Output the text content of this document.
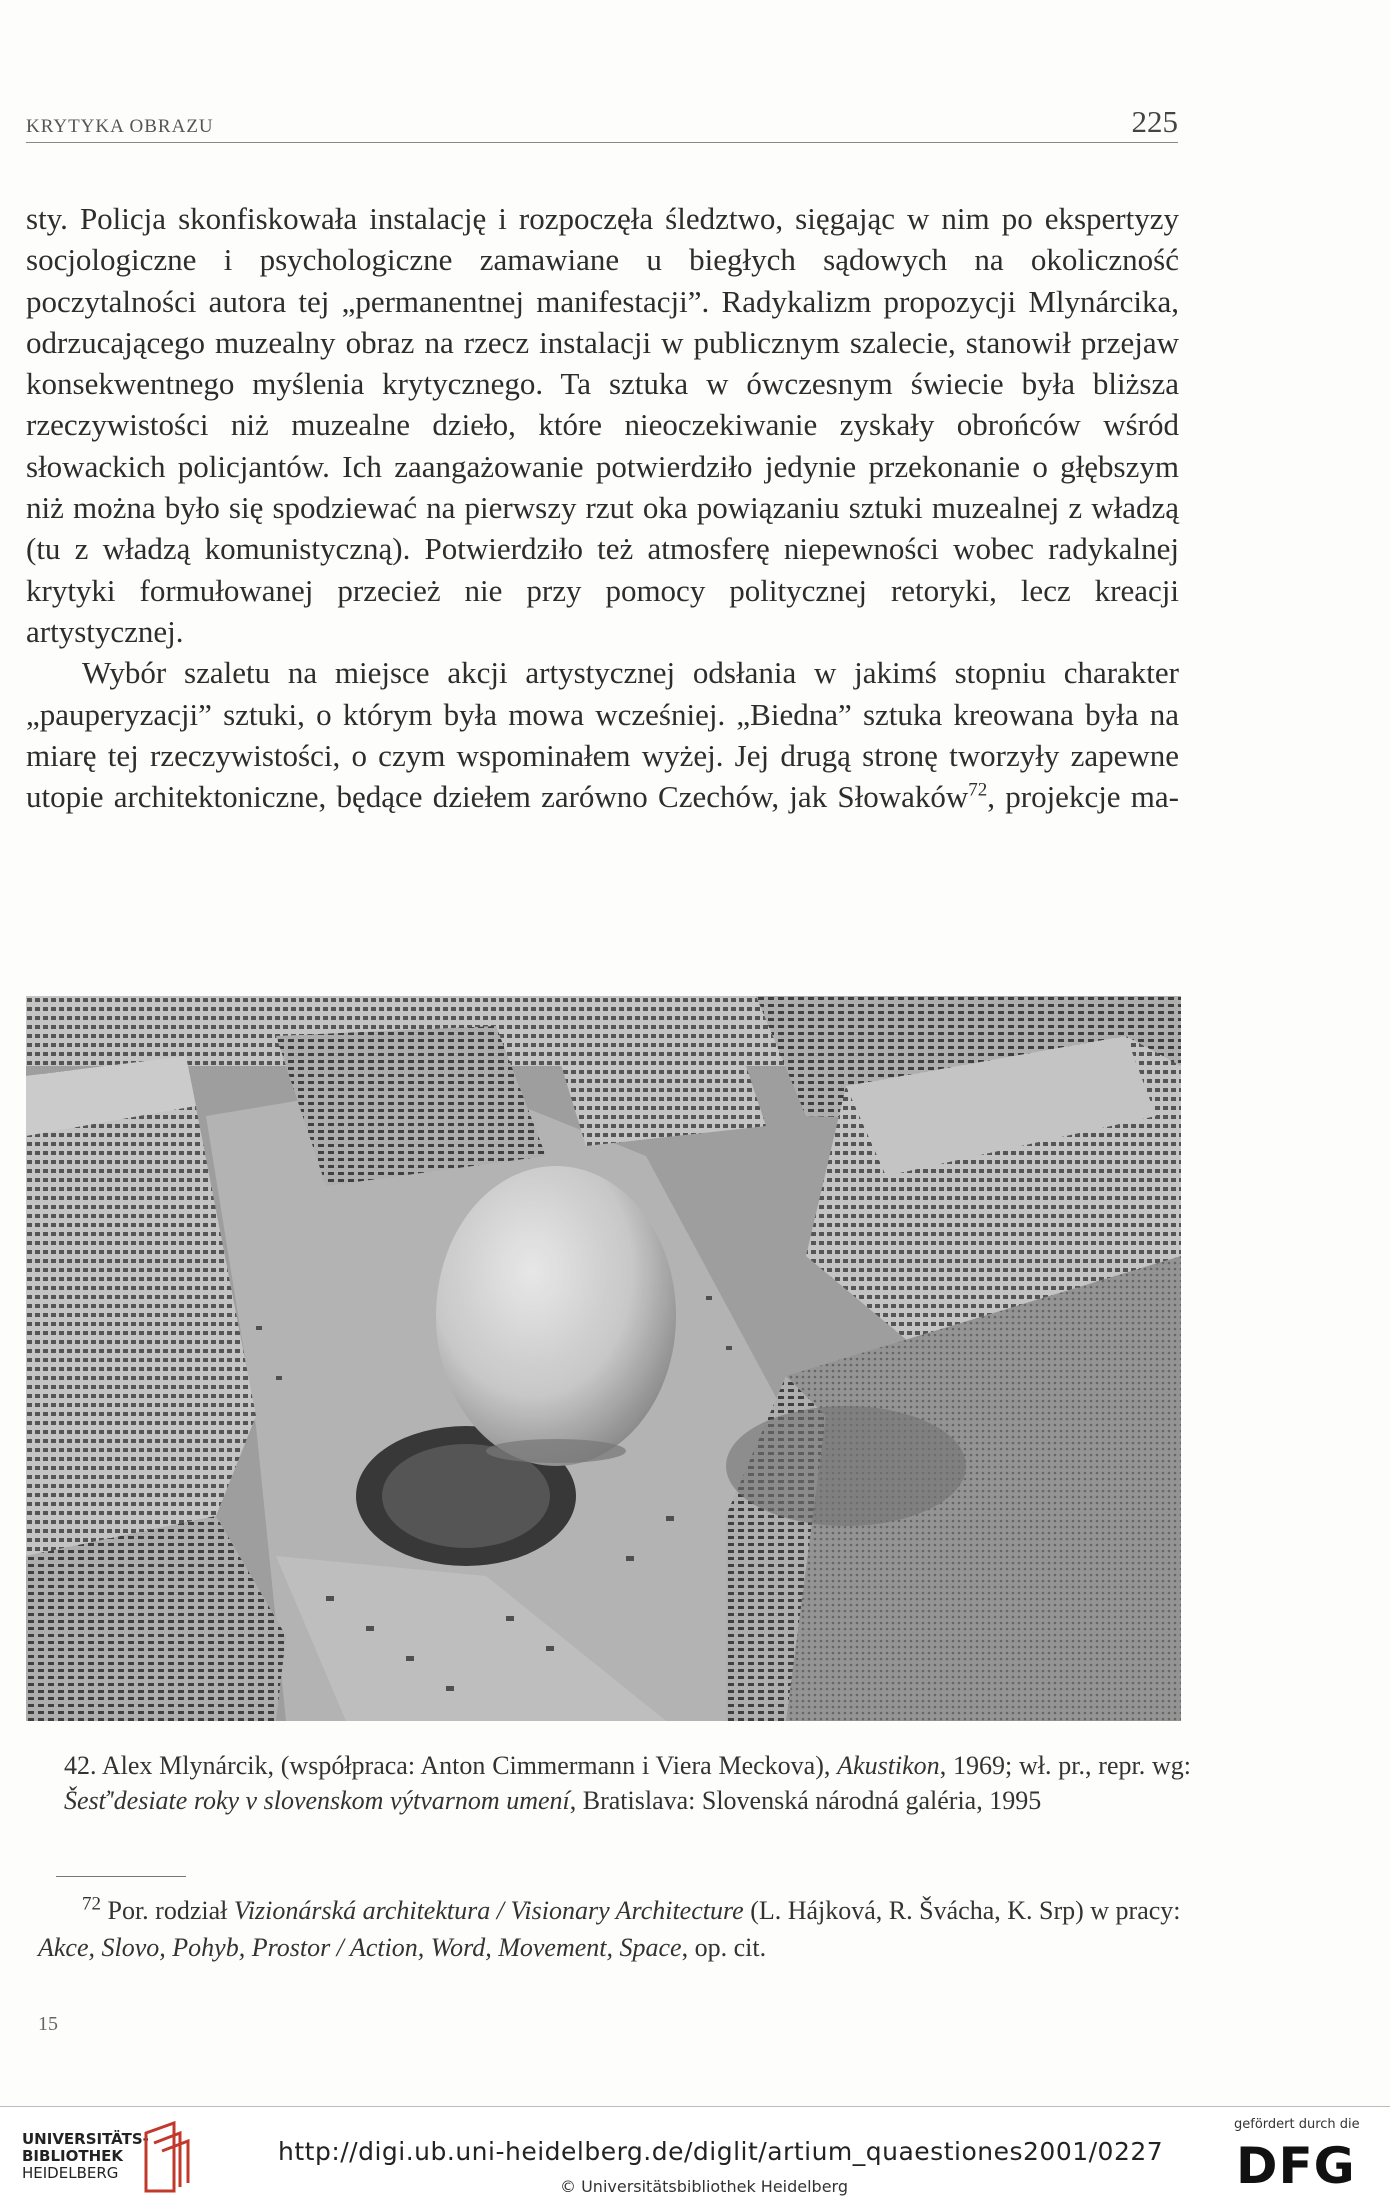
KRYTYKA OBRAZU	225

sty. Policja skonfiskowała instalację i rozpoczęła śledztwo, sięgając w nim po ekspertyzy socjologiczne i psychologiczne zamawiane u biegłych sądowych na okoliczność poczytalności autora tej „permanentnej manifestacji”. Radykalizm propozycji Mlynárcika, odrzucającego muzealny obraz na rzecz instalacji w publicznym szalecie, stanowił przejaw konsekwentnego myślenia krytycznego. Ta sztuka w ówczesnym świecie była bliższa rzeczywistości niż muzealne dzieło, które nieoczekiwanie zyskały obrońców wśród słowackich policjantów. Ich zaangażowanie potwierdziło jedynie przekonanie o głębszym niż można było się spodziewać na pierwszy rzut oka powiązaniu sztuki muzealnej z władzą (tu z władzą komunistyczną). Potwierdziło też atmosferę niepewności wobec radykalnej krytyki formułowanej przecież nie przy pomocy politycznej retoryki, lecz kreacji artystycznej.

Wybór szaletu na miejsce akcji artystycznej odsłania w jakimś stopniu charakter „pauperyzacji” sztuki, o którym była mowa wcześniej. „Biedna” sztuka kreowana była na miarę tej rzeczywistości, o czym wspominałem wyżej. Jej drugą stronę tworzyły zapewne utopie architektoniczne, będące dziełem zarówno Czechów, jak Słowaków$^{72}$, projekcje ma-

42. Alex Mlynárcik, (współpraca: Anton Cimmermann i Viera Meckova), Akustikon, 1969; wł. pr., repr. wg: Šesť'desiate roky v slovenskom výtvarnom umení, Bratislava: Slovenská národná galéria, 1995

$^{72}$ Por. rodział Vizionárská architektura / Visionary Architecture (L. Hájková, R. Švácha, K. Srp) w pracy: Akce, Slovo, Pohyb, Prostor / Action, Word, Movement, Space, op. cit.

15
UNIVERSITÄTS-
BIBLIOTHEK
HEIDELBERG
http://digi.ub.uni-heidelberg.de/diglit/artium_quaestiones2001/0227
© Universitätsbibliothek Heidelberg
gefördert durch die
DFG
